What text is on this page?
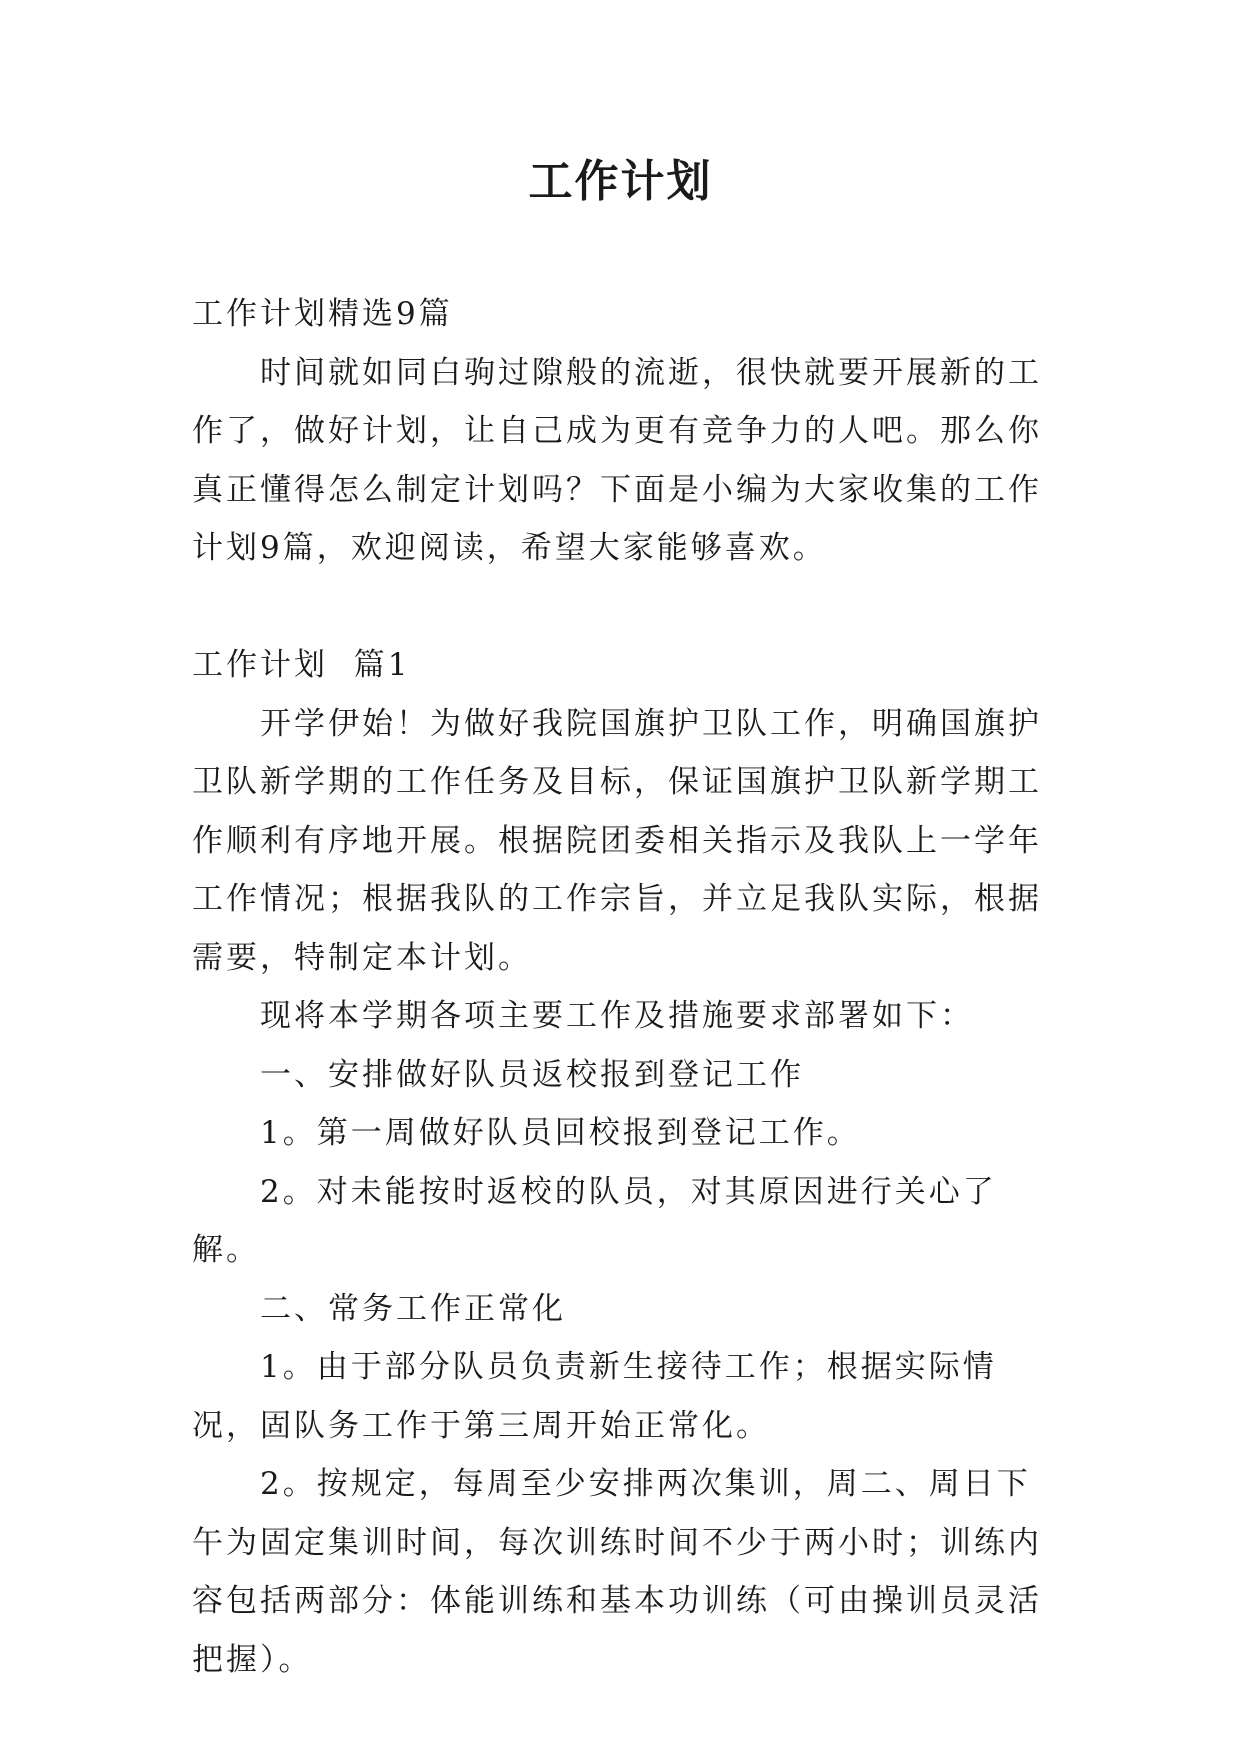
工作计划

工作计划精选9篇

时间就如同白驹过隙般的流逝，很快就要开展新的工作了，做好计划，让自己成为更有竞争力的人吧。那么你真正懂得怎么制定计划吗？下面是小编为大家收集的工作计划9篇，欢迎阅读，希望大家能够喜欢。

工作计划  篇1

开学伊始！为做好我院国旗护卫队工作，明确国旗护卫队新学期的工作任务及目标，保证国旗护卫队新学期工作顺利有序地开展。根据院团委相关指示及我队上一学年工作情况；根据我队的工作宗旨，并立足我队实际，根据需要，特制定本计划。

现将本学期各项主要工作及措施要求部署如下：

一、安排做好队员返校报到登记工作

1。第一周做好队员回校报到登记工作。

2。对未能按时返校的队员，对其原因进行关心了解。

二、常务工作正常化

1。由于部分队员负责新生接待工作；根据实际情况，固队务工作于第三周开始正常化。

2。按规定，每周至少安排两次集训，周二、周日下午为固定集训时间，每次训练时间不少于两小时；训练内容包括两部分：体能训练和基本功训练（可由操训员灵活把握）。
